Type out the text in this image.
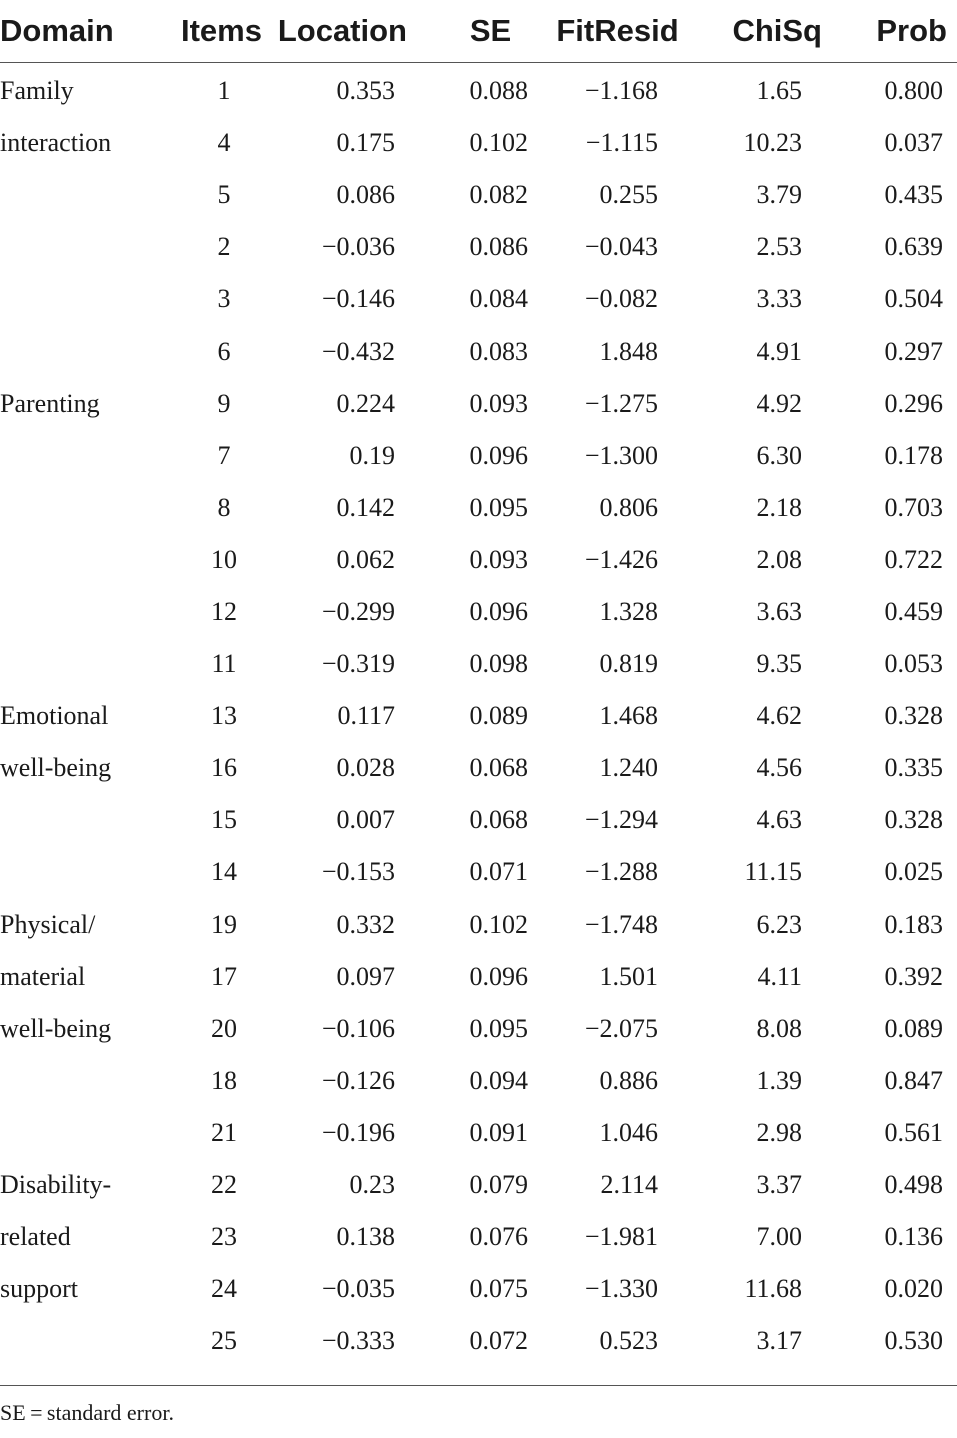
Domain	Items	Location	SE	FitResid	ChiSq	Prob
Family	1	0.353	0.088	−1.168	1.65	0.800
interaction	4	0.175	0.102	−1.115	10.23	0.037
	5	0.086	0.082	0.255	3.79	0.435
	2	−0.036	0.086	−0.043	2.53	0.639
	3	−0.146	0.084	−0.082	3.33	0.504
	6	−0.432	0.083	1.848	4.91	0.297
Parenting	9	0.224	0.093	−1.275	4.92	0.296
	7	0.19	0.096	−1.300	6.30	0.178
	8	0.142	0.095	0.806	2.18	0.703
	10	0.062	0.093	−1.426	2.08	0.722
	12	−0.299	0.096	1.328	3.63	0.459
	11	−0.319	0.098	0.819	9.35	0.053
Emotional	13	0.117	0.089	1.468	4.62	0.328
well-being	16	0.028	0.068	1.240	4.56	0.335
	15	0.007	0.068	−1.294	4.63	0.328
	14	−0.153	0.071	−1.288	11.15	0.025
Physical/	19	0.332	0.102	−1.748	6.23	0.183
material	17	0.097	0.096	1.501	4.11	0.392
well-being	20	−0.106	0.095	−2.075	8.08	0.089
	18	−0.126	0.094	0.886	1.39	0.847
	21	−0.196	0.091	1.046	2.98	0.561
Disability-	22	0.23	0.079	2.114	3.37	0.498
related	23	0.138	0.076	−1.981	7.00	0.136
support	24	−0.035	0.075	−1.330	11.68	0.020
	25	−0.333	0.072	0.523	3.17	0.530
SE = standard error.
